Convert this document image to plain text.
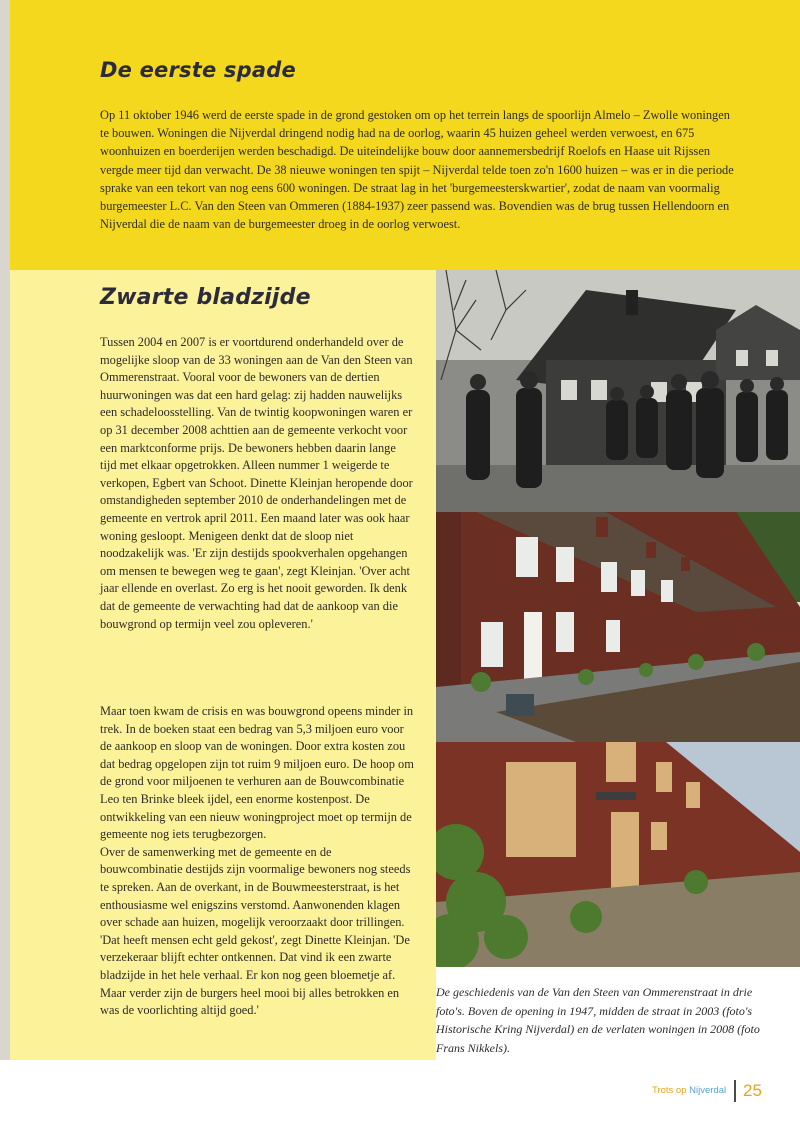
De eerste spade

Op 11 oktober 1946 werd de eerste spade in de grond gestoken om op het terrein langs de spoorlijn Almelo – Zwolle woningen te bouwen. Woningen die Nijverdal dringend nodig had na de oorlog, waarin 45 huizen geheel werden verwoest, en 675 woonhuizen en boerderijen werden beschadigd. De uiteindelijke bouw door aannemersbedrijf Roelofs en Haase uit Rijssen vergde meer tijd dan verwacht. De 38 nieuwe woningen ten spijt – Nijverdal telde toen zo'n 1600 huizen – was er in die periode sprake van een tekort van nog eens 600 woningen. De straat lag in het 'burgemeesterskwartier', zodat de naam van voormalig burgemeester L.C. Van den Steen van Ommeren (1884-1937) zeer passend was. Bovendien was de brug tussen Hellendoorn en Nijverdal die de naam van de burgemeester droeg in de oorlog verwoest.

Zwarte bladzijde

Tussen 2004 en 2007 is er voortdurend onderhandeld over de mogelijke sloop van de 33 woningen aan de Van den Steen van Ommerenstraat. Vooral voor de bewoners van de dertien huurwoningen was dat een hard gelag: zij hadden nauwelijks een schadeloosstelling. Van de twintig koopwoningen waren er op 31 december 2008 achttien aan de gemeente verkocht voor een marktconforme prijs. De bewoners hebben daarin lange tijd met elkaar opgetrokken. Alleen nummer 1 weigerde te verkopen, Egbert van Schoot. Dinette Kleinjan heropende door omstandigheden september 2010 de onderhandelingen met de gemeente en vertrok april 2011. Een maand later was ook haar woning gesloopt. Menigeen denkt dat de sloop niet noodzakelijk was. 'Er zijn destijds spookverhalen opgehangen om mensen te bewegen weg te gaan', zegt Kleinjan. 'Over acht jaar ellende en overlast. Zo erg is het nooit geworden. Ik denk dat de gemeente de verwachting had dat de aankoop van die bouwgrond op termijn veel zou opleveren.'

Maar toen kwam de crisis en was bouwgrond opeens minder in trek. In de boeken staat een bedrag van 5,3 miljoen euro voor de aankoop en sloop van de woningen. Door extra kosten zou dat bedrag opgelopen zijn tot ruim 9 miljoen euro. De hoop om de grond voor miljoenen te verhuren aan de Bouwcombinatie Leo ten Brinke bleek ijdel, een enorme kostenpost. De ontwikkeling van een nieuw woningproject moet op termijn de gemeente nog iets terugbezorgen.

Over de samenwerking met de gemeente en de bouwcombinatie destijds zijn voormalige bewoners nog steeds te spreken. Aan de overkant, in de Bouwmeesterstraat, is het enthousiasme wel enigszins verstomd. Aanwonenden klagen over schade aan huizen, mogelijk veroorzaakt door trillingen. 'Dat heeft mensen echt geld gekost', zegt Dinette Kleinjan. 'De verzekeraar blijft echter ontkennen. Dat vind ik een zwarte bladzijde in het hele verhaal. Er kon nog geen bloemetje af. Maar verder zijn de burgers heel mooi bij alles betrokken en was de voorlichting altijd goed.'

De geschiedenis van de Van den Steen van Ommerenstraat in drie foto's. Boven de opening in 1947, midden de straat in 2003 (foto's Historische Kring Nijverdal) en de verlaten woningen in 2008 (foto Frans Nikkels).

Trots op Nijverdal 25
